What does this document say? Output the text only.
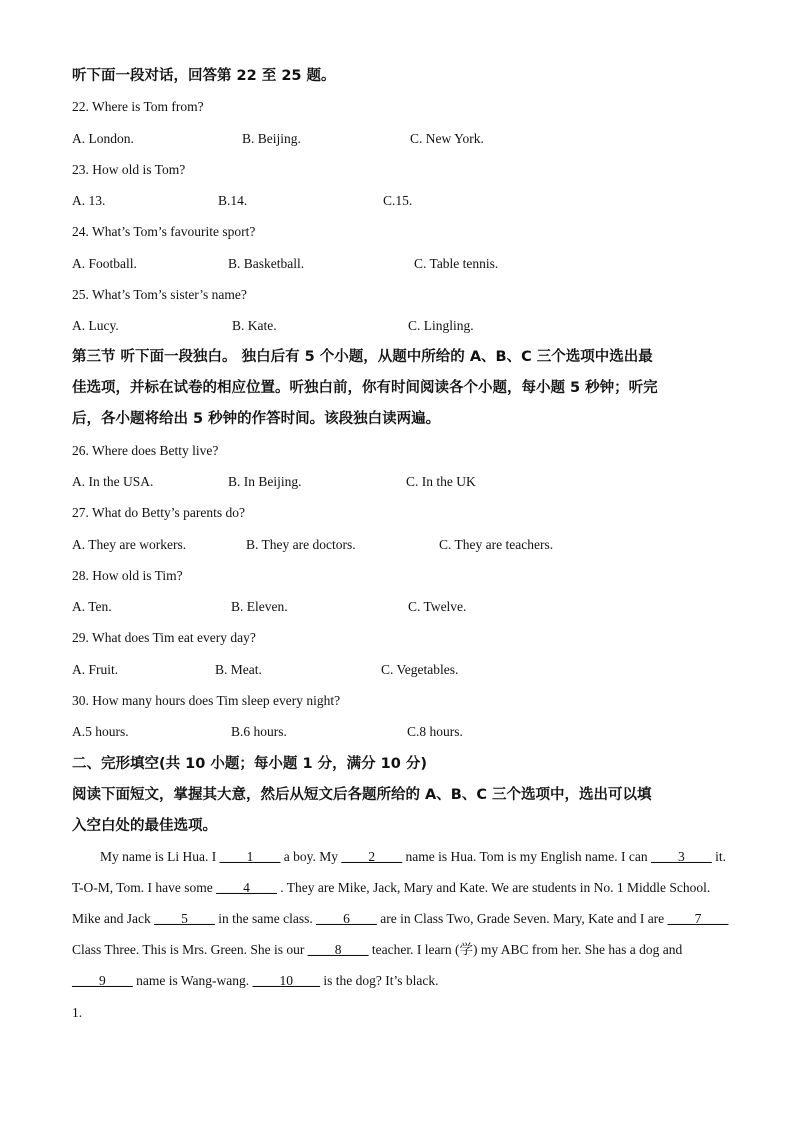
听下面一段对话，回答第 22 至 25 题。
22. Where is Tom from?
A. London.	B. Beijing.	C. New York.
23. How old is Tom?
A. 13.	B.14.	C.15.
24. What’s Tom’s favourite sport?
A. Football.	B. Basketball.	C. Table tennis.
25. What’s Tom’s sister’s name?
A. Lucy.	B. Kate.	C. Lingling.
第三节 听下面一段独白。 独白后有 5 个小题，从题中所给的 A、B、C 三个选项中选出最
佳选项，并标在试卷的相应位置。听独白前，你有时间阅读各个小题，每小题 5 秒钟；听完
后，各小题将给出 5 秒钟的作答时间。该段独白读两遍。
26. Where does Betty live?
A. In the USA.	B. In Beijing.	C. In the UK
27. What do Betty’s parents do?
A. They are workers.	B. They are doctors.	C. They are teachers.
28. How old is Tim?
A. Ten.	B. Eleven.	C. Twelve.
29. What does Tim eat every day?
A. Fruit.	B. Meat.	C. Vegetables.
30. How many hours does Tim sleep every night?
A.5 hours.	B.6 hours.	C.8 hours.
二、完形填空(共 10 小题；每小题 1 分，满分 10 分)
阅读下面短文，掌握其大意，然后从短文后各题所给的 A、B、C 三个选项中，选出可以填
入空白处的最佳选项。
My name is Li Hua. I ____1____ a boy. My ____2____ name is Hua. Tom is my English name. I can ____3____ it. T-O-M, Tom. I have some ____4____ . They are Mike, Jack, Mary and Kate. We are students in No. 1 Middle School. Mike and Jack ____5____ in the same class. ____6____ are in Class Two, Grade Seven. Mary, Kate and I are ____7____ Class Three. This is Mrs. Green. She is our ____8____ teacher. I learn (学) my ABC from her. She has a dog and ____9____ name is Wang-wang. ____10____ is the dog? It’s black.
1.
